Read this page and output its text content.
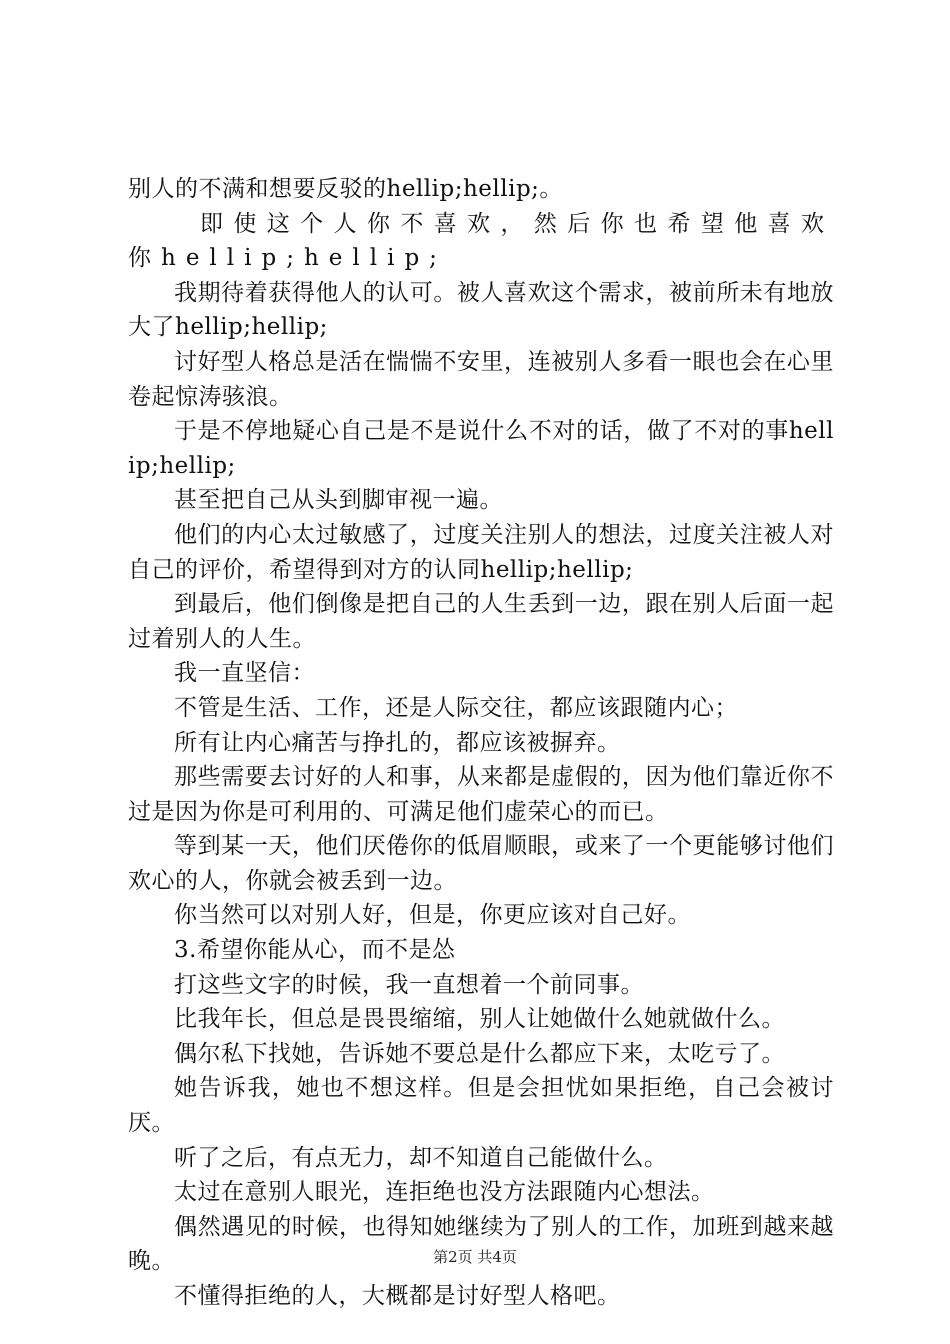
别人的不满和想要反驳的hellip;hellip;。

即使这个人你不喜欢，然后你也希望他喜欢你hellip;hellip;

我期待着获得他人的认可。被人喜欢这个需求，被前所未有地放大了hellip;hellip;

讨好型人格总是活在惴惴不安里，连被别人多看一眼也会在心里卷起惊涛骇浪。

于是不停地疑心自己是不是说什么不对的话，做了不对的事hellip;hellip;

甚至把自己从头到脚审视一遍。

他们的内心太过敏感了，过度关注别人的想法，过度关注被人对自己的评价，希望得到对方的认同hellip;hellip;

到最后，他们倒像是把自己的人生丢到一边，跟在别人后面一起过着别人的人生。

我一直坚信：

不管是生活、工作，还是人际交往，都应该跟随内心；

所有让内心痛苦与挣扎的，都应该被摒弃。

那些需要去讨好的人和事，从来都是虚假的，因为他们靠近你不过是因为你是可利用的、可满足他们虚荣心的而已。

等到某一天，他们厌倦你的低眉顺眼，或来了一个更能够讨他们欢心的人，你就会被丢到一边。

你当然可以对别人好，但是，你更应该对自己好。

3.希望你能从心，而不是怂

打这些文字的时候，我一直想着一个前同事。

比我年长，但总是畏畏缩缩，别人让她做什么她就做什么。

偶尔私下找她，告诉她不要总是什么都应下来，太吃亏了。

她告诉我，她也不想这样。但是会担忧如果拒绝，自己会被讨厌。

听了之后，有点无力，却不知道自己能做什么。

太过在意别人眼光，连拒绝也没方法跟随内心想法。

偶然遇见的时候，也得知她继续为了别人的工作，加班到越来越晚。

不懂得拒绝的人，大概都是讨好型人格吧。

第2页 共4页
